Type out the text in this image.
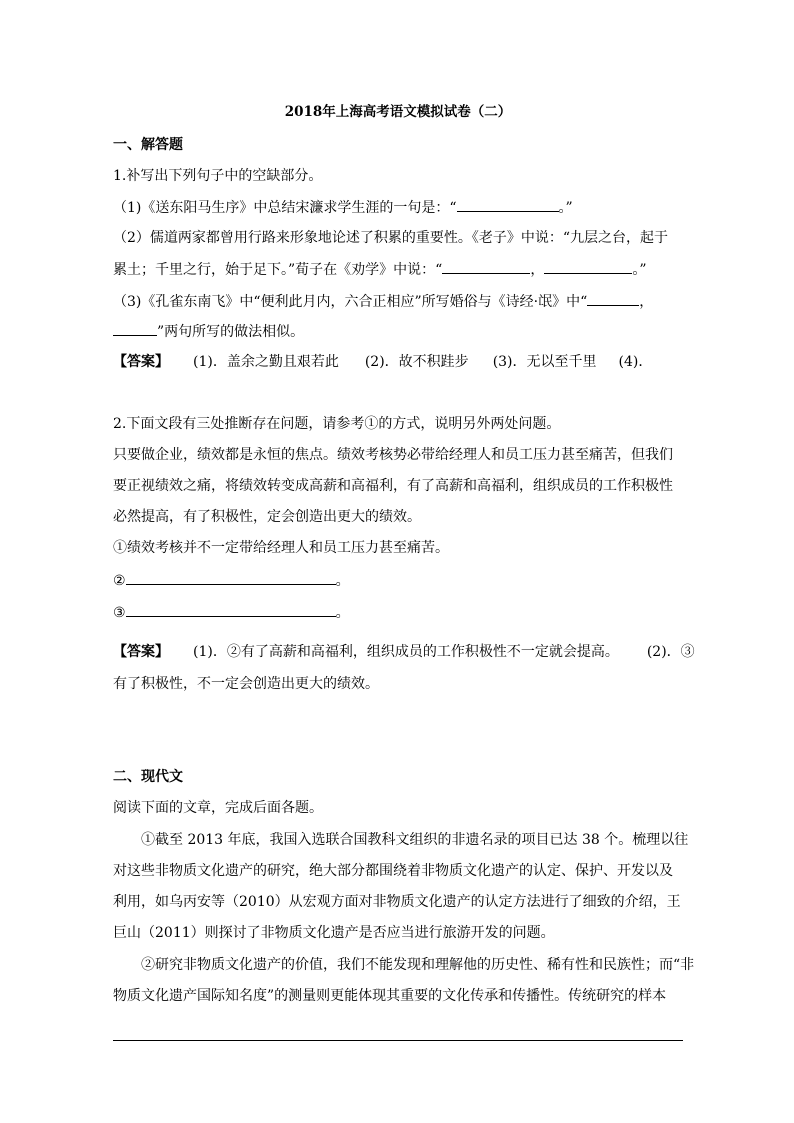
2018年上海高考语文模拟试卷（二）
一、解答题
1.补写出下列句子中的空缺部分。
（1)《送东阳马生序》中总结宋濂求学生涯的一句是：“	。”
（2）儒道两家都曾用行路来形象地论述了积累的重要性。《老子》中说：“九层之台，起于
累土；千里之行，始于足下。”荀子在《劝学》中说：“	，	。”
（3)《孔雀东南飞》中“便利此月内，六合正相应”所写婚俗与《诗经·氓》中“	，
”两句所写的做法相似。
【答案】 (1)．盖余之勤且艰若此 (2)．故不积跬步 (3)．无以至千里 (4)．
2.下面文段有三处推断存在问题，请参考①的方式，说明另外两处问题。
只要做企业，绩效都是永恒的焦点。绩效考核势必带给经理人和员工压力甚至痛苦，但我们
要正视绩效之痛，将绩效转变成高薪和高福利，有了高薪和高福利，组织成员的工作积极性
必然提高，有了积极性，定会创造出更大的绩效。
①绩效考核并不一定带给经理人和员工压力甚至痛苦。
②	。
③	。
【答案】 (1)．②有了高薪和高福利，组织成员的工作积极性不一定就会提高。 (2)．③
有了积极性，不一定会创造出更大的绩效。
二、现代文
阅读下面的文章，完成后面各题。
①截至 2013 年底，我国入选联合国教科文组织的非遗名录的项目已达 38 个。梳理以往
对这些非物质文化遗产的研究，绝大部分都围绕着非物质文化遗产的认定、保护、开发以及
利用，如乌丙安等（2010）从宏观方面对非物质文化遗产的认定方法进行了细致的介绍，王
巨山（2011）则探讨了非物质文化遗产是否应当进行旅游开发的问题。
②研究非物质文化遗产的价值，我们不能发现和理解他的历史性、稀有性和民族性；而“非
物质文化遗产国际知名度”的测量则更能体现其重要的文化传承和传播性。传统研究的样本
